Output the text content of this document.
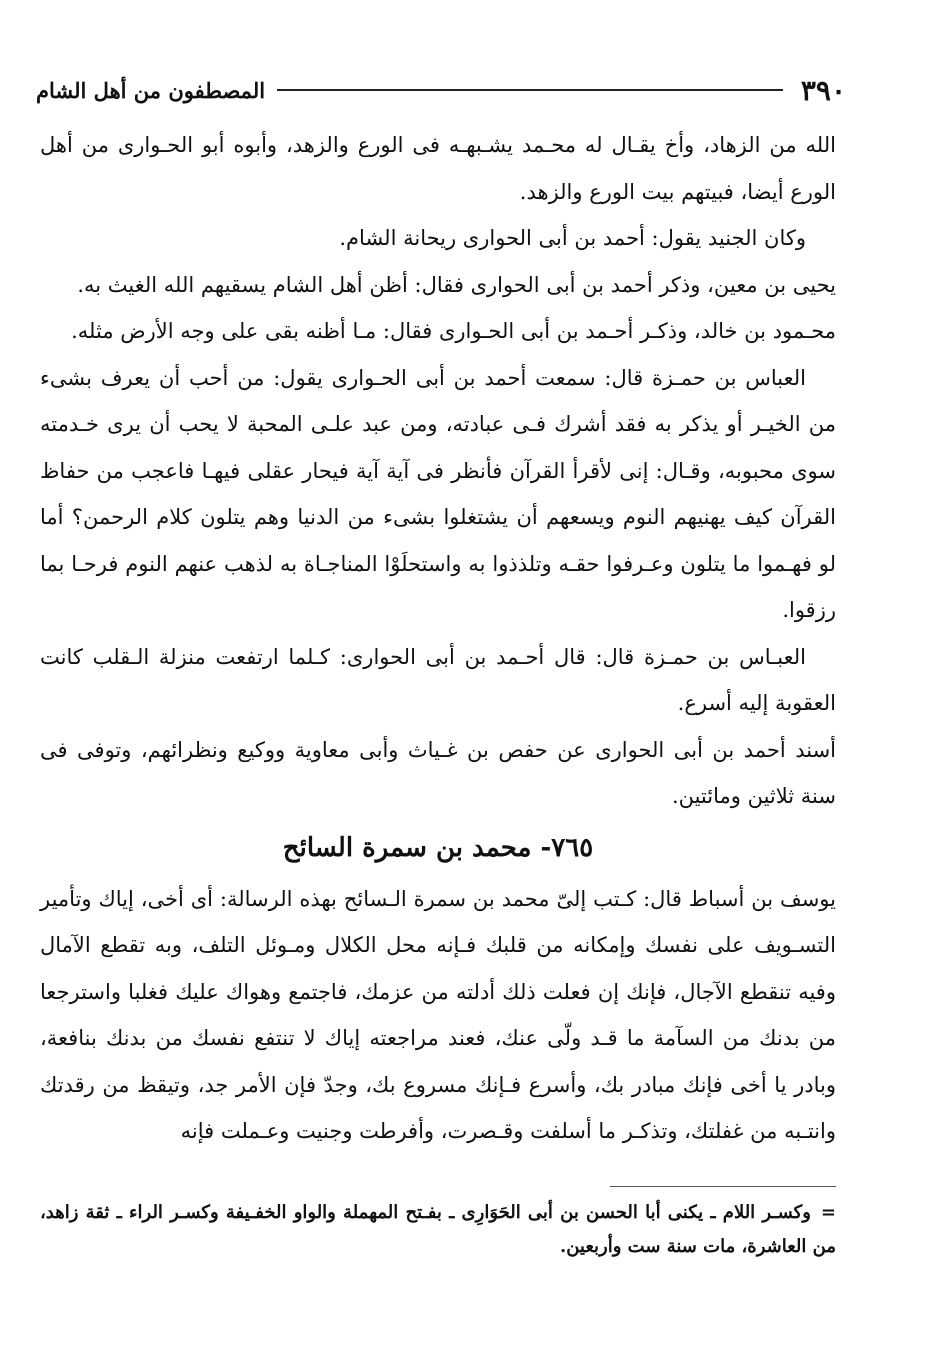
٣٩٠
المصطفون من أهل الشام

الله من الزهاد، وأخ يقـال له محـمد يشـبهـه فى الورع والزهد، وأبوه أبو الحـوارى من أهل الورع أيضا، فبيتهم بيت الورع والزهد.

وكان الجنيد يقول: أحمد بن أبى الحوارى ريحانة الشام.

يحيى بن معين، وذكر أحمد بن أبى الحوارى فقال: أظن أهل الشام يسقيهم الله الغيث به.

محـمود بن خالد، وذكـر أحـمد بن أبى الحـوارى فقال: مـا أظنه بقى على وجه الأرض مثله.

العباس بن حمـزة قال: سمعت أحمد بن أبى الحـوارى يقول: من أحب أن يعرف بشىء من الخيـر أو يذكر به فقد أشرك فـى عبادته، ومن عبد علـى المحبة لا يحب أن يرى خـدمته سوى محبوبه، وقـال: إنى لأقرأ القرآن فأنظر فى آية آية فيحار عقلى فيهـا فاعجب من حفاظ القرآن كيف يهنيهم النوم ويسعهم أن يشتغلوا بشىء من الدنيا وهم يتلون كلام الرحمن؟ أما لو فهـموا ما يتلون وعـرفوا حقـه وتلذذوا به واستحلَوْا المناجـاة به لذهب عنهم النوم فرحـا بما رزقوا.

العبـاس بن حمـزة قال: قال أحـمد بن أبى الحوارى: كـلما ارتفعت منزلة الـقلب كانت العقوبة إليه أسرع.

أسند أحمد بن أبى الحوارى عن حفص بن غـياث وأبى معاوية ووكيع ونظرائهم، وتوفى فى سنة ثلاثين ومائتين.

٧٦٥- محمد بن سمرة السائح

يوسف بن أسباط قال: كـتب إلىّ محمد بن سمرة الـسائح بهذه الرسالة: أى أخى، إياك وتأمير التسـويف على نفسك وإمكانه من قلبك فـإنه محل الكلال ومـوئل التلف، وبه تقطع الآمال وفيه تنقطع الآجال، فإنك إن فعلت ذلك أدلته من عزمك، فاجتمع وهواك عليك فغلبا واسترجعا من بدنك من السآمة ما قـد ولّى عنك، فعند مراجعته إياك لا تنتفع نفسك من بدنك بنافعة، وبادر يا أخى فإنك مبادر بك، وأسرع فـإنك مسروع بك، وجدّ فإن الأمر جد، وتيقظ من رقدتك وانتـبه من غفلتك، وتذكـر ما أسلفت وقـصرت، وأفرطت وجنيت وعـملت فإنه

=وكسـر اللام ـ يكنى أبا الحسن بن أبى الحَوَارِى ـ بفـتح المهملة والواو الخفـيفة وكسـر الراء ـ ثقة زاهد، من العاشرة، مات سنة ست وأربعين.
